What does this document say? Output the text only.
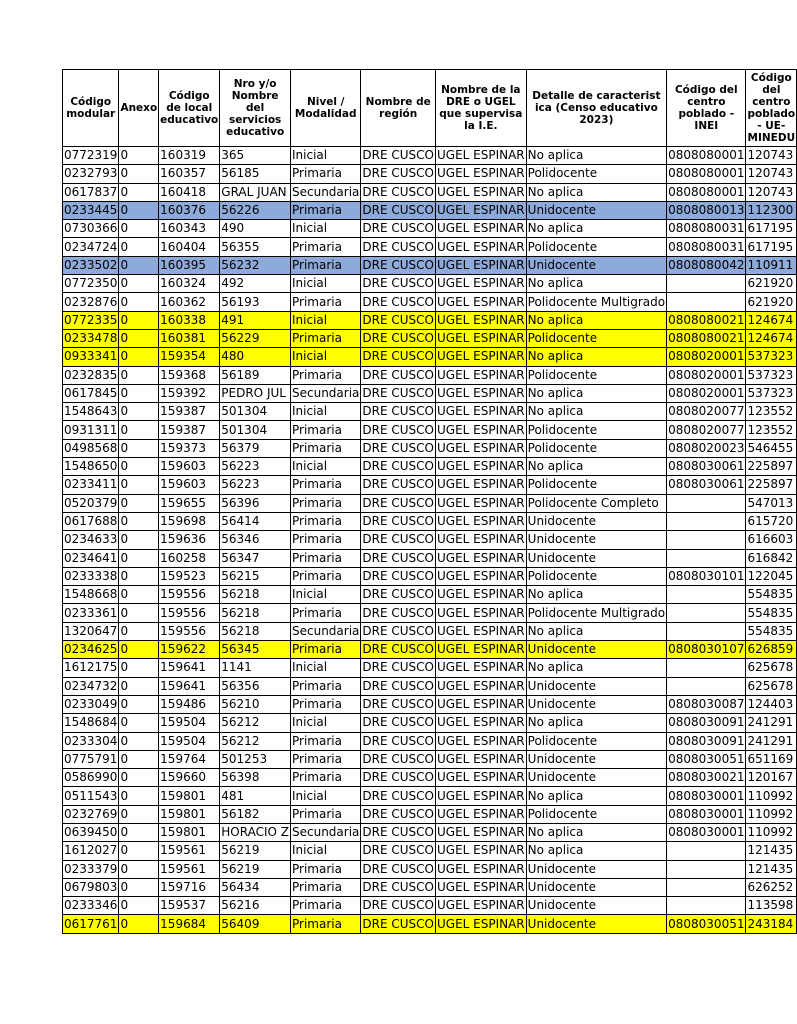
Código modular	Anexo	Código de local educativo	Nro y/o Nombre del servicios educativo	Nivel / Modalidad	Nombre de región	Nombre de la DRE o UGEL que supervisa la I.E.	Detalle de caracterist ica (Censo educativo 2023)	Código del centro poblado - INEI	Código del centro poblado - UE- MINEDU
0772319	0	160319	365	Inicial	DRE CUSCO	UGEL ESPINAR	No aplica	0808080001	120743
0232793	0	160357	56185	Primaria	DRE CUSCO	UGEL ESPINAR	Polidocente	0808080001	120743
0617837	0	160418	GRAL JUAN	Secundaria	DRE CUSCO	UGEL ESPINAR	No aplica	0808080001	120743
0233445	0	160376	56226	Primaria	DRE CUSCO	UGEL ESPINAR	Unidocente	0808080013	112300
0730366	0	160343	490	Inicial	DRE CUSCO	UGEL ESPINAR	No aplica	0808080031	617195
0234724	0	160404	56355	Primaria	DRE CUSCO	UGEL ESPINAR	Polidocente	0808080031	617195
0233502	0	160395	56232	Primaria	DRE CUSCO	UGEL ESPINAR	Unidocente	0808080042	110911
0772350	0	160324	492	Inicial	DRE CUSCO	UGEL ESPINAR	No aplica		621920
0232876	0	160362	56193	Primaria	DRE CUSCO	UGEL ESPINAR	Polidocente Multigrado		621920
0772335	0	160338	491	Inicial	DRE CUSCO	UGEL ESPINAR	No aplica	0808080021	124674
0233478	0	160381	56229	Primaria	DRE CUSCO	UGEL ESPINAR	Polidocente	0808080021	124674
0933341	0	159354	480	Inicial	DRE CUSCO	UGEL ESPINAR	No aplica	0808020001	537323
0232835	0	159368	56189	Primaria	DRE CUSCO	UGEL ESPINAR	Polidocente	0808020001	537323
0617845	0	159392	PEDRO JUL	Secundaria	DRE CUSCO	UGEL ESPINAR	No aplica	0808020001	537323
1548643	0	159387	501304	Inicial	DRE CUSCO	UGEL ESPINAR	No aplica	0808020077	123552
0931311	0	159387	501304	Primaria	DRE CUSCO	UGEL ESPINAR	Polidocente	0808020077	123552
0498568	0	159373	56379	Primaria	DRE CUSCO	UGEL ESPINAR	Polidocente	0808020023	546455
1548650	0	159603	56223	Inicial	DRE CUSCO	UGEL ESPINAR	No aplica	0808030061	225897
0233411	0	159603	56223	Primaria	DRE CUSCO	UGEL ESPINAR	Polidocente	0808030061	225897
0520379	0	159655	56396	Primaria	DRE CUSCO	UGEL ESPINAR	Polidocente Completo		547013
0617688	0	159698	56414	Primaria	DRE CUSCO	UGEL ESPINAR	Unidocente		615720
0234633	0	159636	56346	Primaria	DRE CUSCO	UGEL ESPINAR	Unidocente		616603
0234641	0	160258	56347	Primaria	DRE CUSCO	UGEL ESPINAR	Unidocente		616842
0233338	0	159523	56215	Primaria	DRE CUSCO	UGEL ESPINAR	Polidocente	0808030101	122045
1548668	0	159556	56218	Inicial	DRE CUSCO	UGEL ESPINAR	No aplica		554835
0233361	0	159556	56218	Primaria	DRE CUSCO	UGEL ESPINAR	Polidocente Multigrado		554835
1320647	0	159556	56218	Secundaria	DRE CUSCO	UGEL ESPINAR	No aplica		554835
0234625	0	159622	56345	Primaria	DRE CUSCO	UGEL ESPINAR	Unidocente	0808030107	626859
1612175	0	159641	1141	Inicial	DRE CUSCO	UGEL ESPINAR	No aplica		625678
0234732	0	159641	56356	Primaria	DRE CUSCO	UGEL ESPINAR	Unidocente		625678
0233049	0	159486	56210	Primaria	DRE CUSCO	UGEL ESPINAR	Unidocente	0808030087	124403
1548684	0	159504	56212	Inicial	DRE CUSCO	UGEL ESPINAR	No aplica	0808030091	241291
0233304	0	159504	56212	Primaria	DRE CUSCO	UGEL ESPINAR	Polidocente	0808030091	241291
0775791	0	159764	501253	Primaria	DRE CUSCO	UGEL ESPINAR	Unidocente	0808030051	651169
0586990	0	159660	56398	Primaria	DRE CUSCO	UGEL ESPINAR	Unidocente	0808030021	120167
0511543	0	159801	481	Inicial	DRE CUSCO	UGEL ESPINAR	No aplica	0808030001	110992
0232769	0	159801	56182	Primaria	DRE CUSCO	UGEL ESPINAR	Polidocente	0808030001	110992
0639450	0	159801	HORACIO Z	Secundaria	DRE CUSCO	UGEL ESPINAR	No aplica	0808030001	110992
1612027	0	159561	56219	Inicial	DRE CUSCO	UGEL ESPINAR	No aplica		121435
0233379	0	159561	56219	Primaria	DRE CUSCO	UGEL ESPINAR	Unidocente		121435
0679803	0	159716	56434	Primaria	DRE CUSCO	UGEL ESPINAR	Unidocente		626252
0233346	0	159537	56216	Primaria	DRE CUSCO	UGEL ESPINAR	Unidocente		113598
0617761	0	159684	56409	Primaria	DRE CUSCO	UGEL ESPINAR	Unidocente	0808030051	243184
